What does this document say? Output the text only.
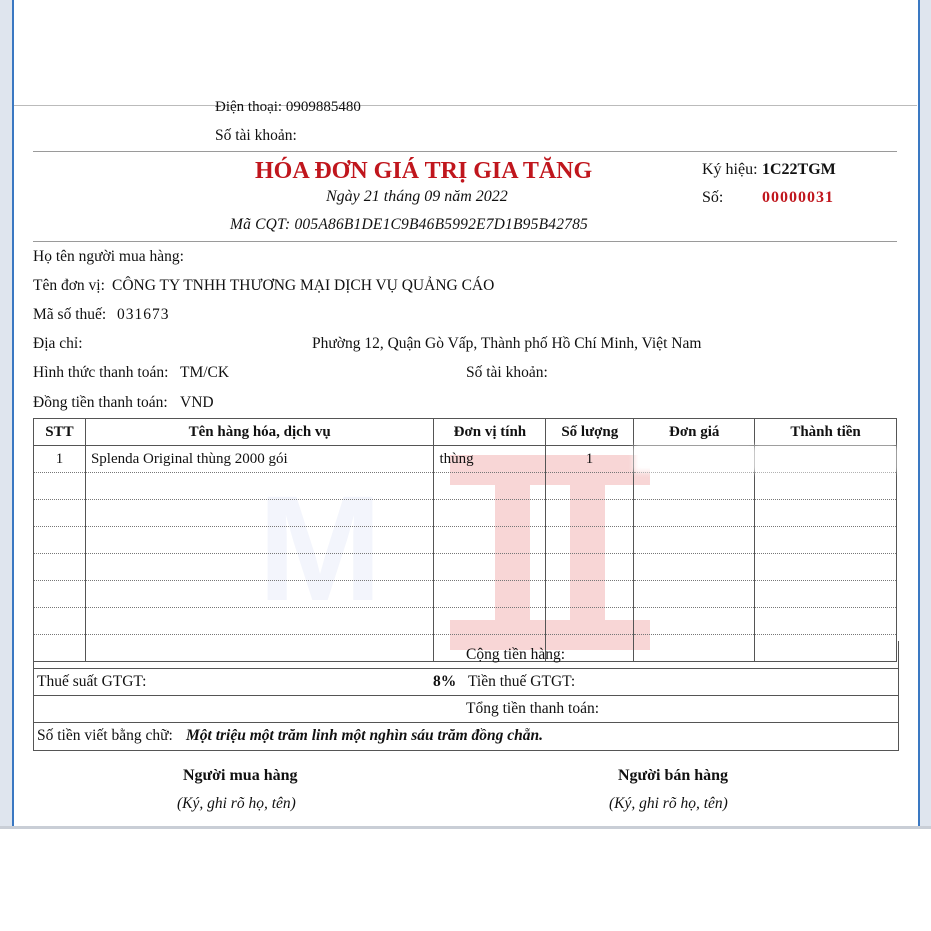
Điện thoại: 0909885480
Số tài khoản:
HÓA ĐƠN GIÁ TRỊ GIA TĂNG
Ngày 21 tháng 09 năm 2022
Mã CQT: 005A86B1DE1C9B46B5992E7D1B95B42785
Ký hiệu: 1C22TGM
Số: 00000031
Họ tên người mua hàng:
Tên đơn vị: CÔNG TY TNHH THƯƠNG MẠI DỊCH VỤ QUẢNG CÁO
Mã số thuế: 031673
Địa chỉ:	Phường 12, Quận Gò Vấp, Thành phố Hồ Chí Minh, Việt Nam
Hình thức thanh toán: TM/CK	Số tài khoản:
Đồng tiền thanh toán: VND
M
STT	Tên hàng hóa, dịch vụ	Đơn vị tính	Số lượng	Đơn giá	Thành tiền
1	Splenda Original thùng 2000 gói	thùng	1		

Cộng tiền hàng:
Thuế suất GTGT:	8% Tiền thuế GTGT:
Tổng tiền thanh toán:
Số tiền viết bằng chữ: Một triệu một trăm linh một nghìn sáu trăm đồng chẵn.
Người mua hàng
(Ký, ghi rõ họ, tên)
Người bán hàng
(Ký, ghi rõ họ, tên)
